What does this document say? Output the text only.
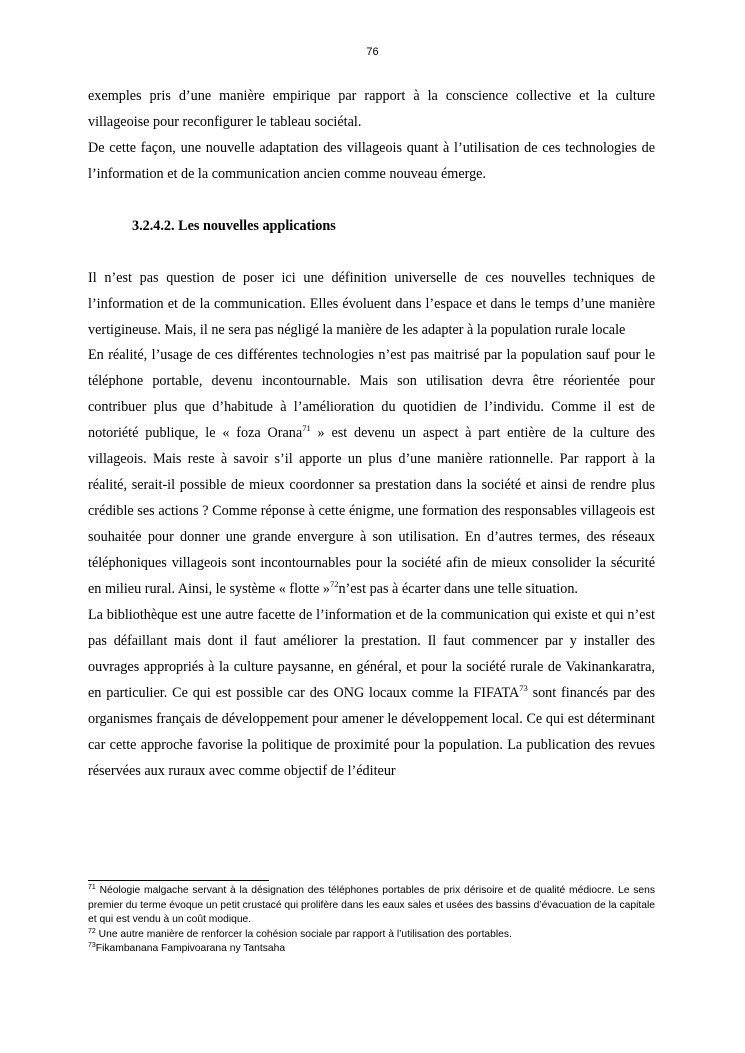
76

exemples pris d’une manière empirique par rapport à la conscience collective et la culture villageoise pour reconfigurer le tableau sociétal.

De cette façon, une nouvelle adaptation des villageois quant à l’utilisation de ces technologies de l’information et de la communication ancien comme nouveau émerge.

3.2.4.2. Les nouvelles applications

Il n’est pas question de poser ici une définition universelle de ces nouvelles techniques de l’information et de la communication. Elles évoluent dans l’espace et dans le temps d’une manière vertigineuse. Mais, il ne sera pas négligé la manière de les adapter à la population rurale locale

En réalité, l’usage de ces différentes technologies n’est pas maitrisé par la population sauf pour le téléphone portable, devenu incontournable. Mais son utilisation devra être réorientée pour contribuer plus que d’habitude à l’amélioration du quotidien de l’individu. Comme il est de notoriété publique, le « foza Orana$^{71}$ » est devenu un aspect à part entière de la culture des villageois. Mais reste à savoir s’il apporte un plus d’une manière rationnelle. Par rapport à la réalité, serait-il possible de mieux coordonner sa prestation dans la société et ainsi de rendre plus crédible ses actions ? Comme réponse à cette énigme, une formation des responsables villageois est souhaitée pour donner une grande envergure à son utilisation. En d’autres termes, des réseaux téléphoniques villageois sont incontournables pour la société afin de mieux consolider la sécurité en milieu rural. Ainsi, le système « flotte »$^{72}$n’est pas à écarter dans une telle situation.

La bibliothèque est une autre facette de l’information et de la communication qui existe et qui n’est pas défaillant mais dont il faut améliorer la prestation. Il faut commencer par y installer des ouvrages appropriés à la culture paysanne, en général, et pour la société rurale de Vakinankaratra, en particulier. Ce qui est possible car des ONG locaux comme la FIFATA$^{73}$ sont financés par des organismes français de développement pour amener le développement local. Ce qui est déterminant car cette approche favorise la politique de proximité pour la population. La publication des revues réservées aux ruraux avec comme objectif de l’éditeur

$^{71}$ Néologie malgache servant à la désignation des téléphones portables de prix dérisoire et de qualité médiocre. Le sens premier du terme évoque un petit crustacé qui prolifère dans les eaux sales et usées des bassins d’évacuation de la capitale et qui est vendu à un coût modique.

$^{72}$ Une autre manière de renforcer la cohésion sociale par rapport à l’utilisation des portables.

$^{73}$Fikambanana Fampivoarana ny Tantsaha
